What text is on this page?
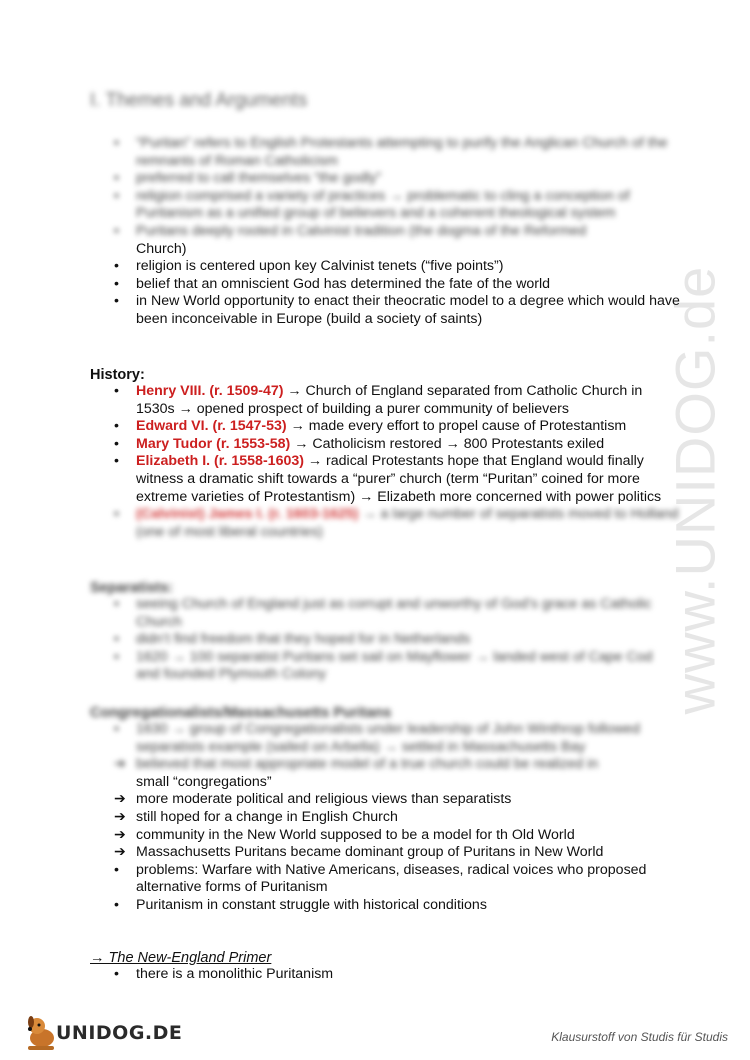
www.UNIDOG.de
I. Themes and Arguments
•	“Puritan” refers to English Protestants attempting to purify the Anglican Church of the remnants of Roman Catholicism
•	preferred to call themselves “the godly”
•	religion comprised a variety of practices → problematic to cling a conception of Puritanism as a unified group of believers and a coherent theological system
•	Puritans deeply rooted in Calvinist tradition (the dogma of the Reformed
Church)
•	religion is centered upon key Calvinist tenets (“five points”)
•	belief that an omniscient God has determined the fate of the world
•	in New World opportunity to enact their theocratic model to a degree which would have been inconceivable in Europe (build a society of saints)

History:

•	Henry VIII. (r. 1509-47) → Church of England separated from Catholic Church in 1530s → opened prospect of building a purer community of believers
•	Edward VI. (r. 1547-53) → made every effort to propel cause of Protestantism
•	Mary Tudor (r. 1553-58) → Catholicism restored → 800 Protestants exiled
•	Elizabeth I. (r. 1558-1603) → radical Protestants hope that England would finally witness a dramatic shift towards a “purer” church (term “Puritan” coined for more extreme varieties of Protestantism) → Elizabeth more concerned with power politics
•	(Calvinist) James I. (r. 1603-1625) → a large number of separatists moved to Holland (one of most liberal countries)

Separatists:

•	seeing Church of England just as corrupt and unworthy of God’s grace as Catholic Church
•	didn’t find freedom that they hoped for in Netherlands
•	1620 → 100 separatist Puritans set sail on Mayflower → landed west of Cape Cod and founded Plymouth Colony

Congregationalists/Massachusetts Puritans

•	1630 → group of Congregationalists under leadership of John Winthrop followed separatists example (sailed on Arbella) → settled in Massachusetts Bay
➔ believed that most appropriate model of a true church could be realized in
small “congregations”
➔ more moderate political and religious views than separatists
➔ still hoped for a change in English Church
➔ community in the New World supposed to be a model for th Old World
➔ Massachusetts Puritans became dominant group of Puritans in New World
•	problems: Warfare with Native Americans, diseases, radical voices who proposed alternative forms of Puritanism
•	Puritanism in constant struggle with historical conditions

→ The New-England Primer

•	there is a monolithic Puritanism
UNIDOG.DE	Klausurstoff von Studis für Studis
